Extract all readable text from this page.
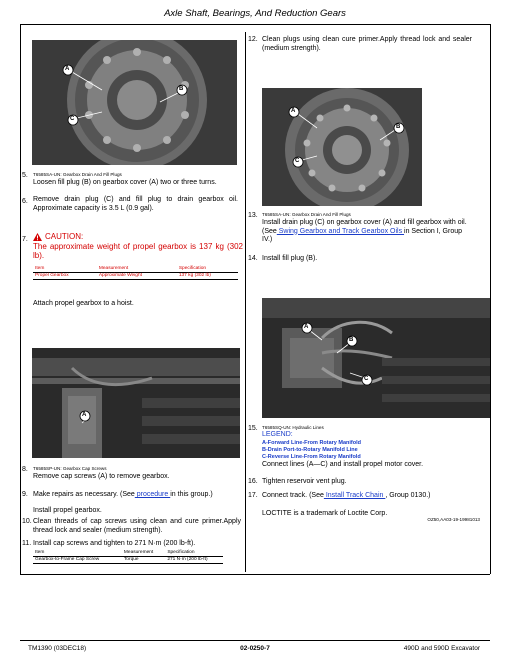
Axle Shaft, Bearings, And Reduction Gears
A
B
C
5. T6585SA-UN: Gearbox Drain And Fill Plugs
Loosen fill plug (B) on gearbox cover (A) two or three turns.
6. Remove drain plug (C) and fill plug to drain gearbox oil. Approximate capacity is 3.5 L (0.9 gal).
7. CAUTION:
The approximate weight of propel gearbox is 137 kg (302 lb).
Item	Measurement	Specification
Propel Gearbox	Approximate Weight	137 kg (302 lb)
Attach propel gearbox to a hoist.
A
8. T6585SP-UN: Gearbox Cap Screws
Remove cap screws (A) to remove gearbox.
9. Make repairs as necessary. (See procedure in this group.)
Install propel gearbox.
10. Clean threads of cap screws using clean and cure primer.Apply thread lock and sealer (medium strength).
11. Install cap screws and tighten to 271 N·m (200 lb-ft).
Item	Measurement	Specification
Gearbox-to-Frame Cap Screw	Torque	271 N·m (200 lb-ft)
12. Clean plugs using clean cure primer.Apply thread lock and sealer (medium strength).
A
B
C
13. T6585SA-UN: Gearbox Drain And Fill Plugs
Install drain plug (C) on gearbox cover (A) and fill gearbox with oil. (See Swing Gearbox and Track Gearbox Oils in Section I, Group IV.)
14. Install fill plug (B).
A
B
C
15. T6585SQ-UN: Hydraulic Lines
LEGEND:
A-Forward Line-From Rotary Manifold
B-Drain Port-to-Rotary Manifold Line
C-Reverse Line-From Rotary Manifold
Connect lines (A—C) and install propel motor cover.
16. Tighten reservoir vent plug.
17. Connect track. (See Install Track Chain , Group 0130.)
LOCTITE is a trademark of Loctite Corp.
OZ50,AA03-19-19981013
TM1390 (03DEC18)	02-0250-7	490D and 590D Excavator
